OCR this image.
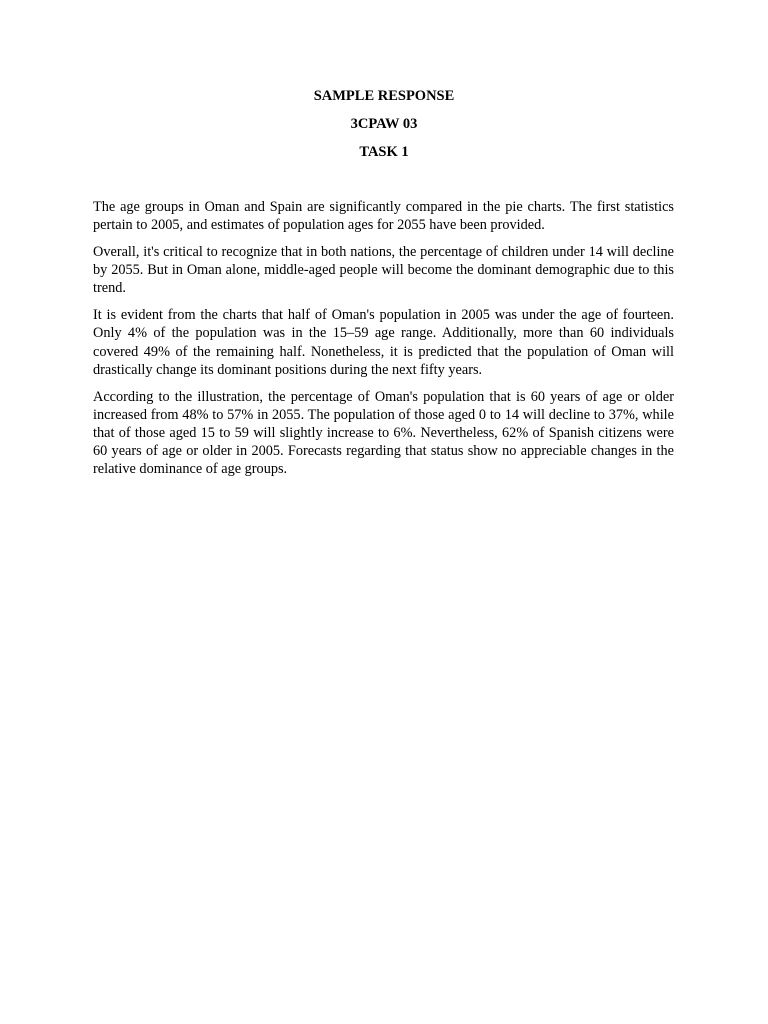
SAMPLE RESPONSE
3CPAW 03
TASK 1

The age groups in Oman and Spain are significantly compared in the pie charts. The first statistics pertain to 2005, and estimates of population ages for 2055 have been provided.

Overall, it's critical to recognize that in both nations, the percentage of children under 14 will decline by 2055. But in Oman alone, middle-aged people will become the dominant demographic due to this trend.

It is evident from the charts that half of Oman's population in 2005 was under the age of fourteen. Only 4% of the population was in the 15–59 age range. Additionally, more than 60 individuals covered 49% of the remaining half. Nonetheless, it is predicted that the population of Oman will drastically change its dominant positions during the next fifty years.

According to the illustration, the percentage of Oman's population that is 60 years of age or older increased from 48% to 57% in 2055. The population of those aged 0 to 14 will decline to 37%, while that of those aged 15 to 59 will slightly increase to 6%. Nevertheless, 62% of Spanish citizens were 60 years of age or older in 2005. Forecasts regarding that status show no appreciable changes in the relative dominance of age groups.
